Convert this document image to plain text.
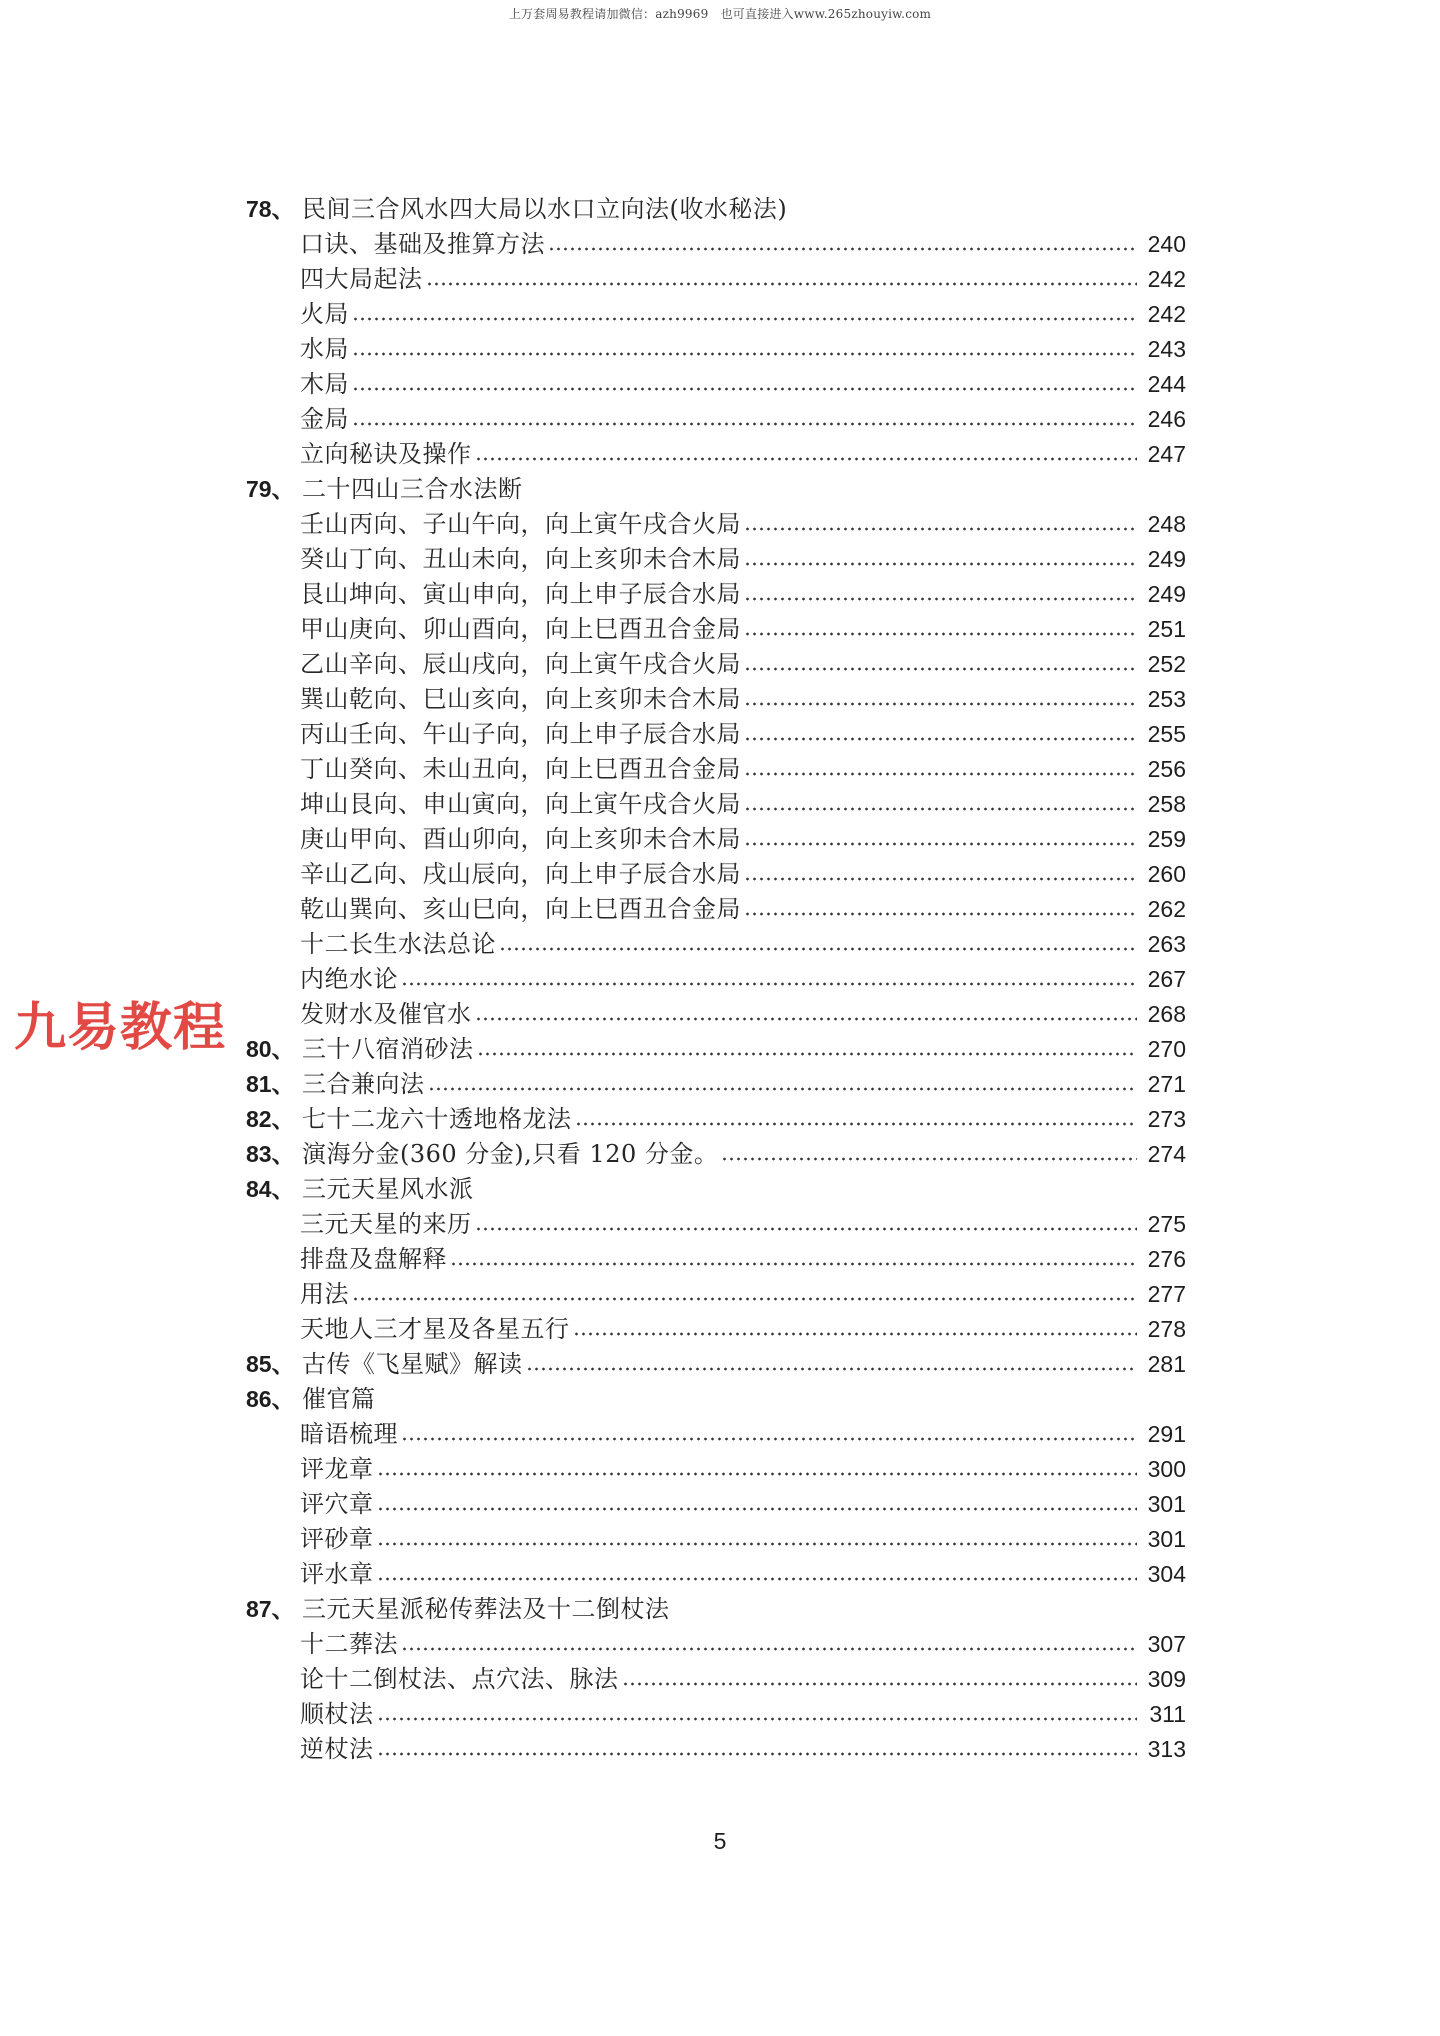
上万套周易教程请加微信：azh9969　也可直接进入www.265zhouyiw.com
九易教程
78、 民间三合风水四大局以水口立向法(收水秘法)
口诀、基础及推算方法	240
四大局起法	242
火局	242
水局	243
木局	244
金局	246
立向秘诀及操作	247
79、 二十四山三合水法断
壬山丙向、子山午向，向上寅午戌合火局	248
癸山丁向、丑山未向，向上亥卯未合木局	249
艮山坤向、寅山申向，向上申子辰合水局	249
甲山庚向、卯山酉向，向上巳酉丑合金局	251
乙山辛向、辰山戌向，向上寅午戌合火局	252
巽山乾向、巳山亥向，向上亥卯未合木局	253
丙山壬向、午山子向，向上申子辰合水局	255
丁山癸向、未山丑向，向上巳酉丑合金局	256
坤山艮向、申山寅向，向上寅午戌合火局	258
庚山甲向、酉山卯向，向上亥卯未合木局	259
辛山乙向、戌山辰向，向上申子辰合水局	260
乾山巽向、亥山巳向，向上巳酉丑合金局	262
十二长生水法总论	263
内绝水论	267
发财水及催官水	268
80、 三十八宿消砂法	270
81、 三合兼向法	271
82、 七十二龙六十透地格龙法	273
83、 演海分金(360 分金),只看 120 分金。	274
84、 三元天星风水派
三元天星的来历	275
排盘及盘解释	276
用法	277
天地人三才星及各星五行	278
85、 古传《飞星赋》解读	281
86、 催官篇
暗语梳理	291
评龙章	300
评穴章	301
评砂章	301
评水章	304
87、 三元天星派秘传葬法及十二倒杖法
十二葬法	307
论十二倒杖法、点穴法、脉法	309
顺杖法	311
逆杖法	313
5
